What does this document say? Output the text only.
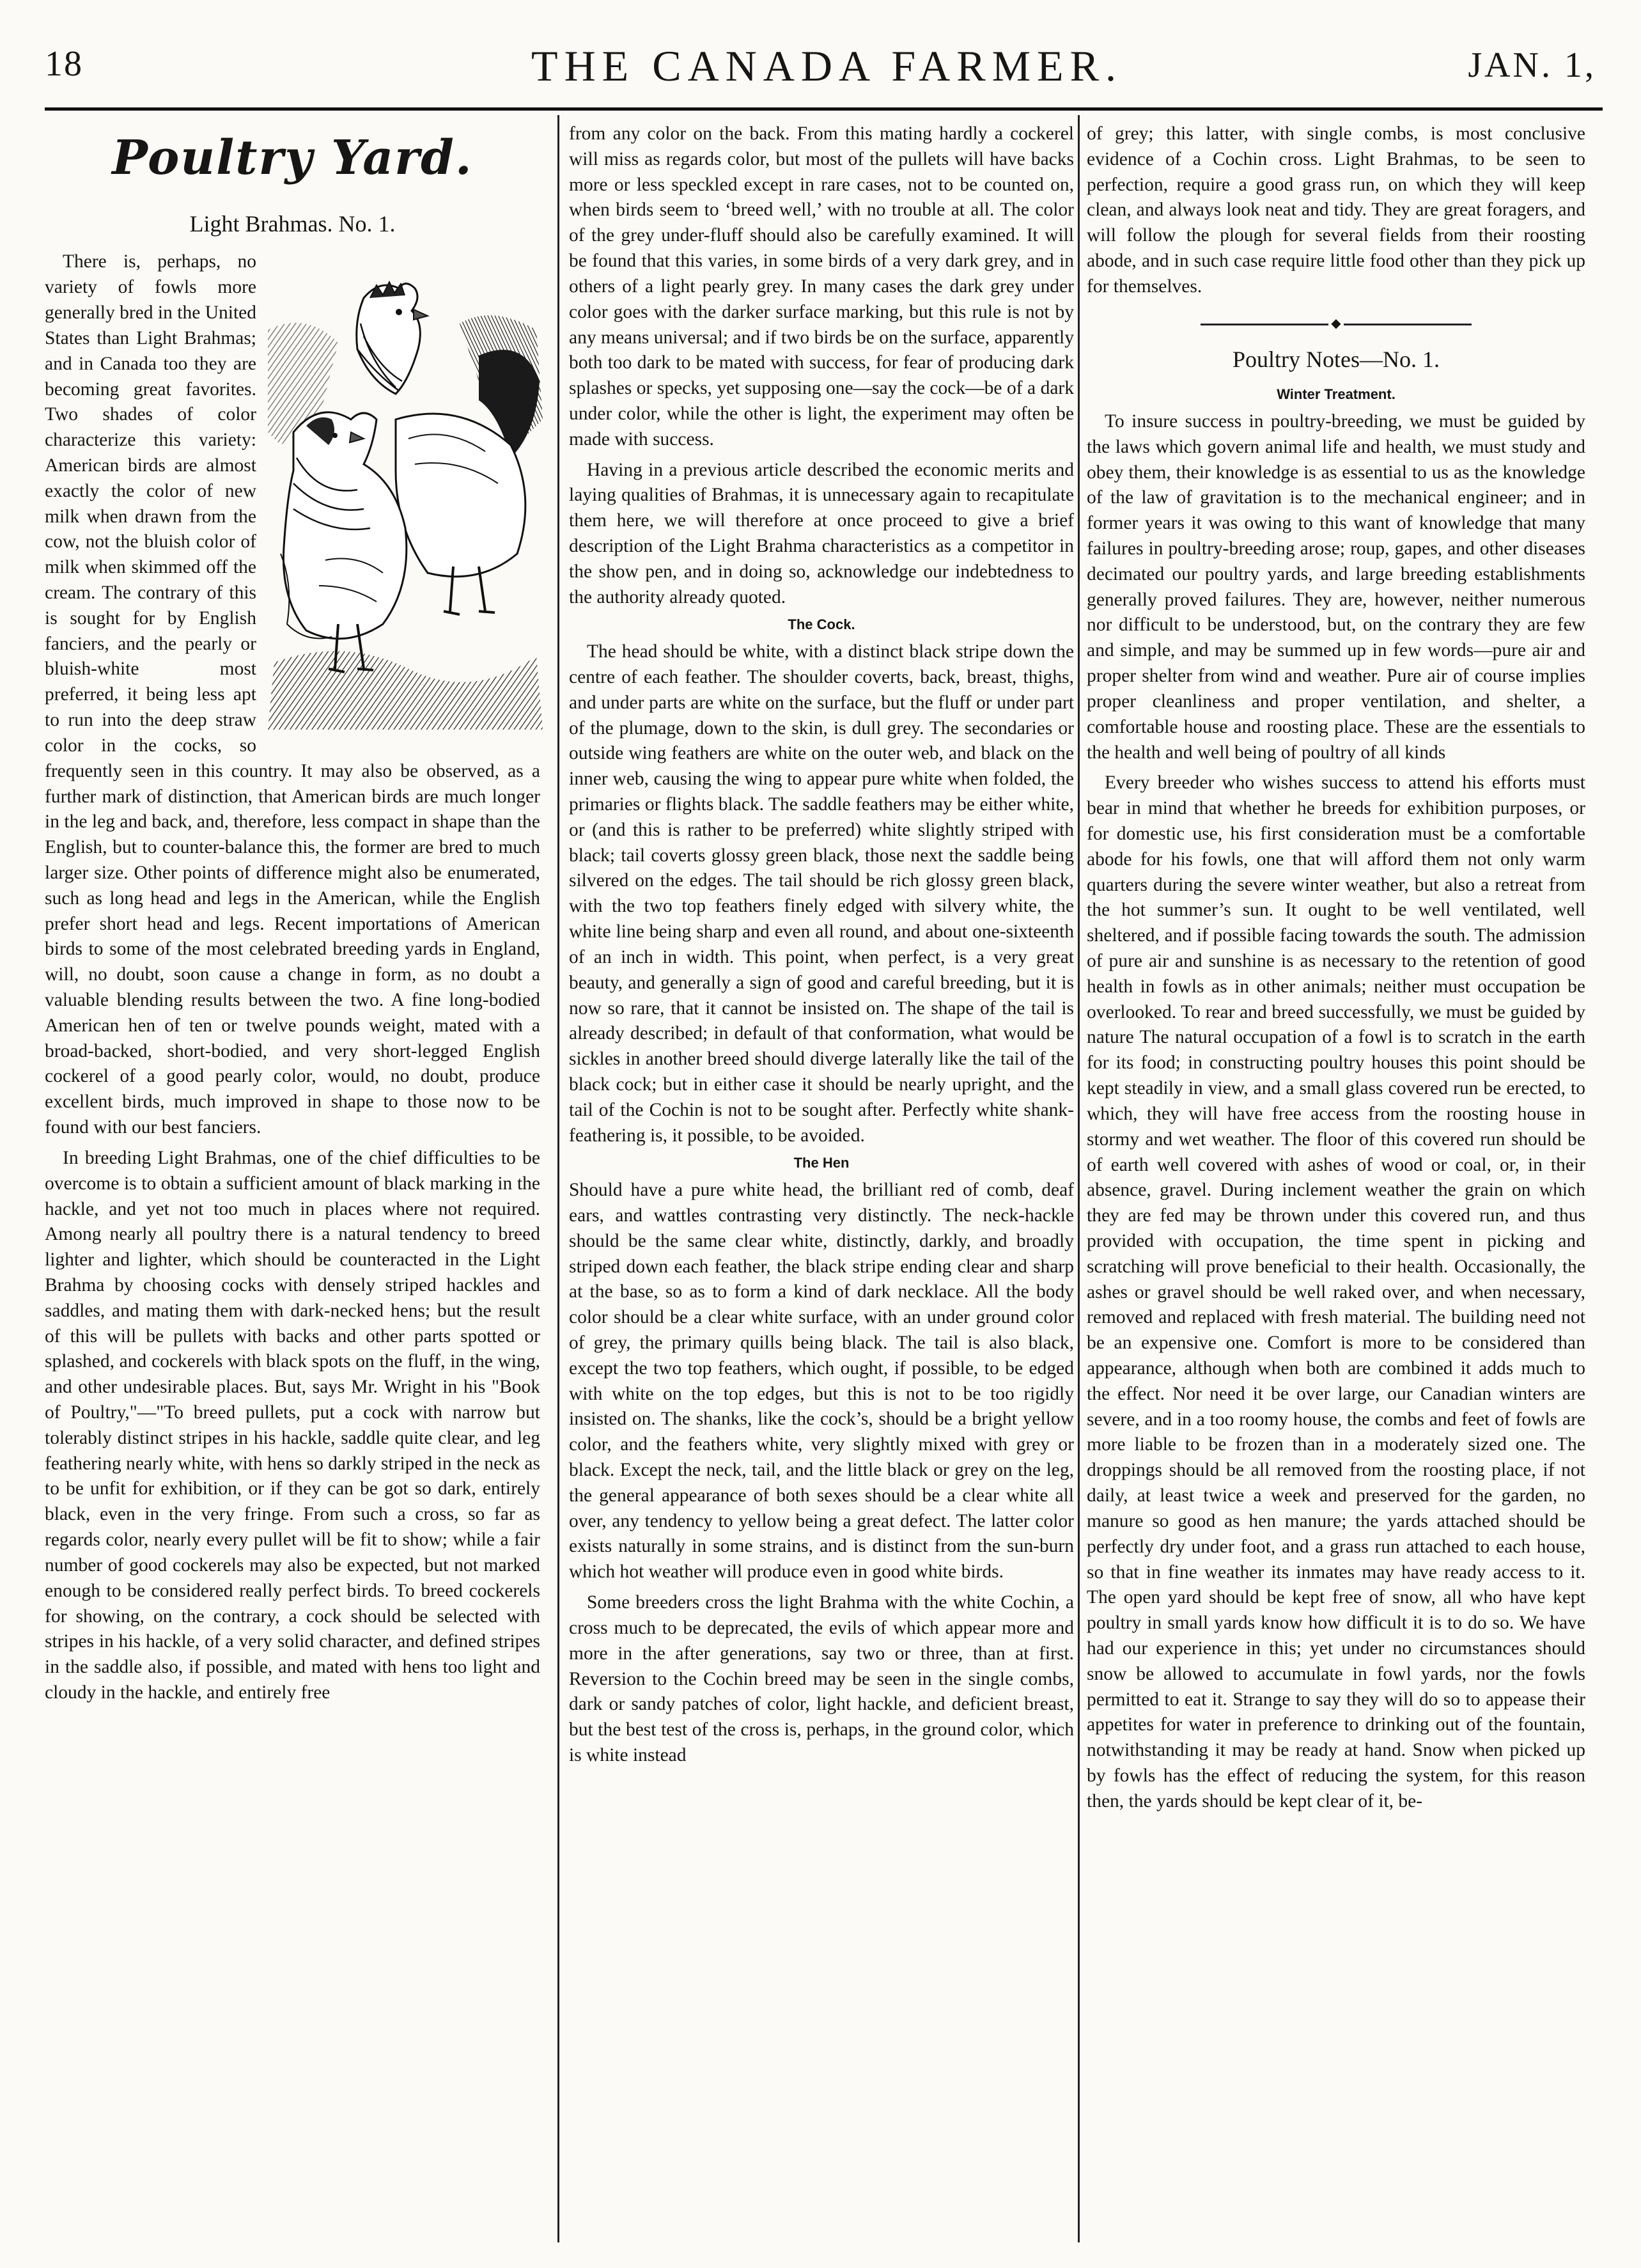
18	THE CANADA FARMER.	JAN. 1,
Poultry Yard.
Light Brahmas. No. 1.

There is, perhaps, no variety of fowls more generally bred in the United States than Light Brahmas; and in Canada too they are becoming great favorites. Two shades of color characterize this variety: American birds are almost exactly the color of new milk when drawn from the cow, not the bluish color of milk when skimmed off the cream. The contrary of this is sought for by English fanciers, and the pearly or bluish-white most preferred, it being less apt to run into the deep straw color in the cocks, so frequently seen in this country. It may also be observed, as a further mark of distinction, that American birds are much longer in the leg and back, and, therefore, less compact in shape than the English, but to counter-balance this, the former are bred to much larger size. Other points of difference might also be enumerated, such as long head and legs in the American, while the English prefer short head and legs. Recent importations of American birds to some of the most celebrated breeding yards in England, will, no doubt, soon cause a change in form, as no doubt a valuable blending results between the two. A fine long-bodied American hen of ten or twelve pounds weight, mated with a broad-backed, short-bodied, and very short-legged English cockerel of a good pearly color, would, no doubt, produce excellent birds, much improved in shape to those now to be found with our best fanciers.

In breeding Light Brahmas, one of the chief difficulties to be overcome is to obtain a sufficient amount of black marking in the hackle, and yet not too much in places where not required. Among nearly all poultry there is a natural tendency to breed lighter and lighter, which should be counteracted in the Light Brahma by choosing cocks with densely striped hackles and saddles, and mating them with dark-necked hens; but the result of this will be pullets with backs and other parts spotted or splashed, and cockerels with black spots on the fluff, in the wing, and other undesirable places. But, says Mr. Wright in his "Book of Poultry,"—"To breed pullets, put a cock with narrow but tolerably distinct stripes in his hackle, saddle quite clear, and leg feathering nearly white, with hens so darkly striped in the neck as to be unfit for exhibition, or if they can be got so dark, entirely black, even in the very fringe. From such a cross, so far as regards color, nearly every pullet will be fit to show; while a fair number of good cockerels may also be expected, but not marked enough to be considered really perfect birds. To breed cockerels for showing, on the contrary, a cock should be selected with stripes in his hackle, of a very solid character, and defined stripes in the saddle also, if possible, and mated with hens too light and cloudy in the hackle, and entirely free

from any color on the back. From this mating hardly a cockerel will miss as regards color, but most of the pullets will have backs more or less speckled except in rare cases, not to be counted on, when birds seem to ‘breed well,’ with no trouble at all. The color of the grey under-fluff should also be carefully examined. It will be found that this varies, in some birds of a very dark grey, and in others of a light pearly grey. In many cases the dark grey under color goes with the darker surface marking, but this rule is not by any means universal; and if two birds be on the surface, apparently both too dark to be mated with success, for fear of producing dark splashes or specks, yet supposing one—say the cock—be of a dark under color, while the other is light, the experiment may often be made with success.

Having in a previous article described the economic merits and laying qualities of Brahmas, it is unnecessary again to recapitulate them here, we will therefore at once proceed to give a brief description of the Light Brahma characteristics as a competitor in the show pen, and in doing so, acknowledge our indebtedness to the authority already quoted.

The Cock.

The head should be white, with a distinct black stripe down the centre of each feather. The shoulder coverts, back, breast, thighs, and under parts are white on the surface, but the fluff or under part of the plumage, down to the skin, is dull grey. The secondaries or outside wing feathers are white on the outer web, and black on the inner web, causing the wing to appear pure white when folded, the primaries or flights black. The saddle feathers may be either white, or (and this is rather to be preferred) white slightly striped with black; tail coverts glossy green black, those next the saddle being silvered on the edges. The tail should be rich glossy green black, with the two top feathers finely edged with silvery white, the white line being sharp and even all round, and about one-sixteenth of an inch in width. This point, when perfect, is a very great beauty, and generally a sign of good and careful breeding, but it is now so rare, that it cannot be insisted on. The shape of the tail is already described; in default of that conformation, what would be sickles in another breed should diverge laterally like the tail of the black cock; but in either case it should be nearly upright, and the tail of the Cochin is not to be sought after. Perfectly white shank-feathering is, it possible, to be avoided.

The Hen

Should have a pure white head, the brilliant red of comb, deaf ears, and wattles contrasting very distinctly. The neck-hackle should be the same clear white, distinctly, darkly, and broadly striped down each feather, the black stripe ending clear and sharp at the base, so as to form a kind of dark necklace. All the body color should be a clear white surface, with an under ground color of grey, the primary quills being black. The tail is also black, except the two top feathers, which ought, if possible, to be edged with white on the top edges, but this is not to be too rigidly insisted on. The shanks, like the cock’s, should be a bright yellow color, and the feathers white, very slightly mixed with grey or black. Except the neck, tail, and the little black or grey on the leg, the general appearance of both sexes should be a clear white all over, any tendency to yellow being a great defect. The latter color exists naturally in some strains, and is distinct from the sun-burn which hot weather will produce even in good white birds.

Some breeders cross the light Brahma with the white Cochin, a cross much to be deprecated, the evils of which appear more and more in the after generations, say two or three, than at first. Reversion to the Cochin breed may be seen in the single combs, dark or sandy patches of color, light hackle, and deficient breast, but the best test of the cross is, perhaps, in the ground color, which is white instead

of grey; this latter, with single combs, is most conclusive evidence of a Cochin cross. Light Brahmas, to be seen to perfection, require a good grass run, on which they will keep clean, and always look neat and tidy. They are great foragers, and will follow the plough for several fields from their roosting abode, and in such case require little food other than they pick up for themselves.

◆
Poultry Notes—No. 1.
Winter Treatment.

To insure success in poultry-breeding, we must be guided by the laws which govern animal life and health, we must study and obey them, their knowledge is as essential to us as the knowledge of the law of gravitation is to the mechanical engineer; and in former years it was owing to this want of knowledge that many failures in poultry-breeding arose; roup, gapes, and other diseases decimated our poultry yards, and large breeding establishments generally proved failures. They are, however, neither numerous nor difficult to be understood, but, on the contrary they are few and simple, and may be summed up in few words—pure air and proper shelter from wind and weather. Pure air of course implies proper cleanliness and proper ventilation, and shelter, a comfortable house and roosting place. These are the essentials to the health and well being of poultry of all kinds

Every breeder who wishes success to attend his efforts must bear in mind that whether he breeds for exhibition purposes, or for domestic use, his first consideration must be a comfortable abode for his fowls, one that will afford them not only warm quarters during the severe winter weather, but also a retreat from the hot summer’s sun. It ought to be well ventilated, well sheltered, and if possible facing towards the south. The admission of pure air and sunshine is as necessary to the retention of good health in fowls as in other animals; neither must occupation be overlooked. To rear and breed successfully, we must be guided by nature The natural occupation of a fowl is to scratch in the earth for its food; in constructing poultry houses this point should be kept steadily in view, and a small glass covered run be erected, to which, they will have free access from the roosting house in stormy and wet weather. The floor of this covered run should be of earth well covered with ashes of wood or coal, or, in their absence, gravel. During inclement weather the grain on which they are fed may be thrown under this covered run, and thus provided with occupation, the time spent in picking and scratching will prove beneficial to their health. Occasionally, the ashes or gravel should be well raked over, and when necessary, removed and replaced with fresh material. The building need not be an expensive one. Comfort is more to be considered than appearance, although when both are combined it adds much to the effect. Nor need it be over large, our Canadian winters are severe, and in a too roomy house, the combs and feet of fowls are more liable to be frozen than in a moderately sized one. The droppings should be all removed from the roosting place, if not daily, at least twice a week and preserved for the garden, no manure so good as hen manure; the yards attached should be perfectly dry under foot, and a grass run attached to each house, so that in fine weather its inmates may have ready access to it. The open yard should be kept free of snow, all who have kept poultry in small yards know how difficult it is to do so. We have had our experience in this; yet under no circumstances should snow be allowed to accumulate in fowl yards, nor the fowls permitted to eat it. Strange to say they will do so to appease their appetites for water in preference to drinking out of the fountain, notwithstanding it may be ready at hand. Snow when picked up by fowls has the effect of reducing the system, for this reason then, the yards should be kept clear of it, be-
